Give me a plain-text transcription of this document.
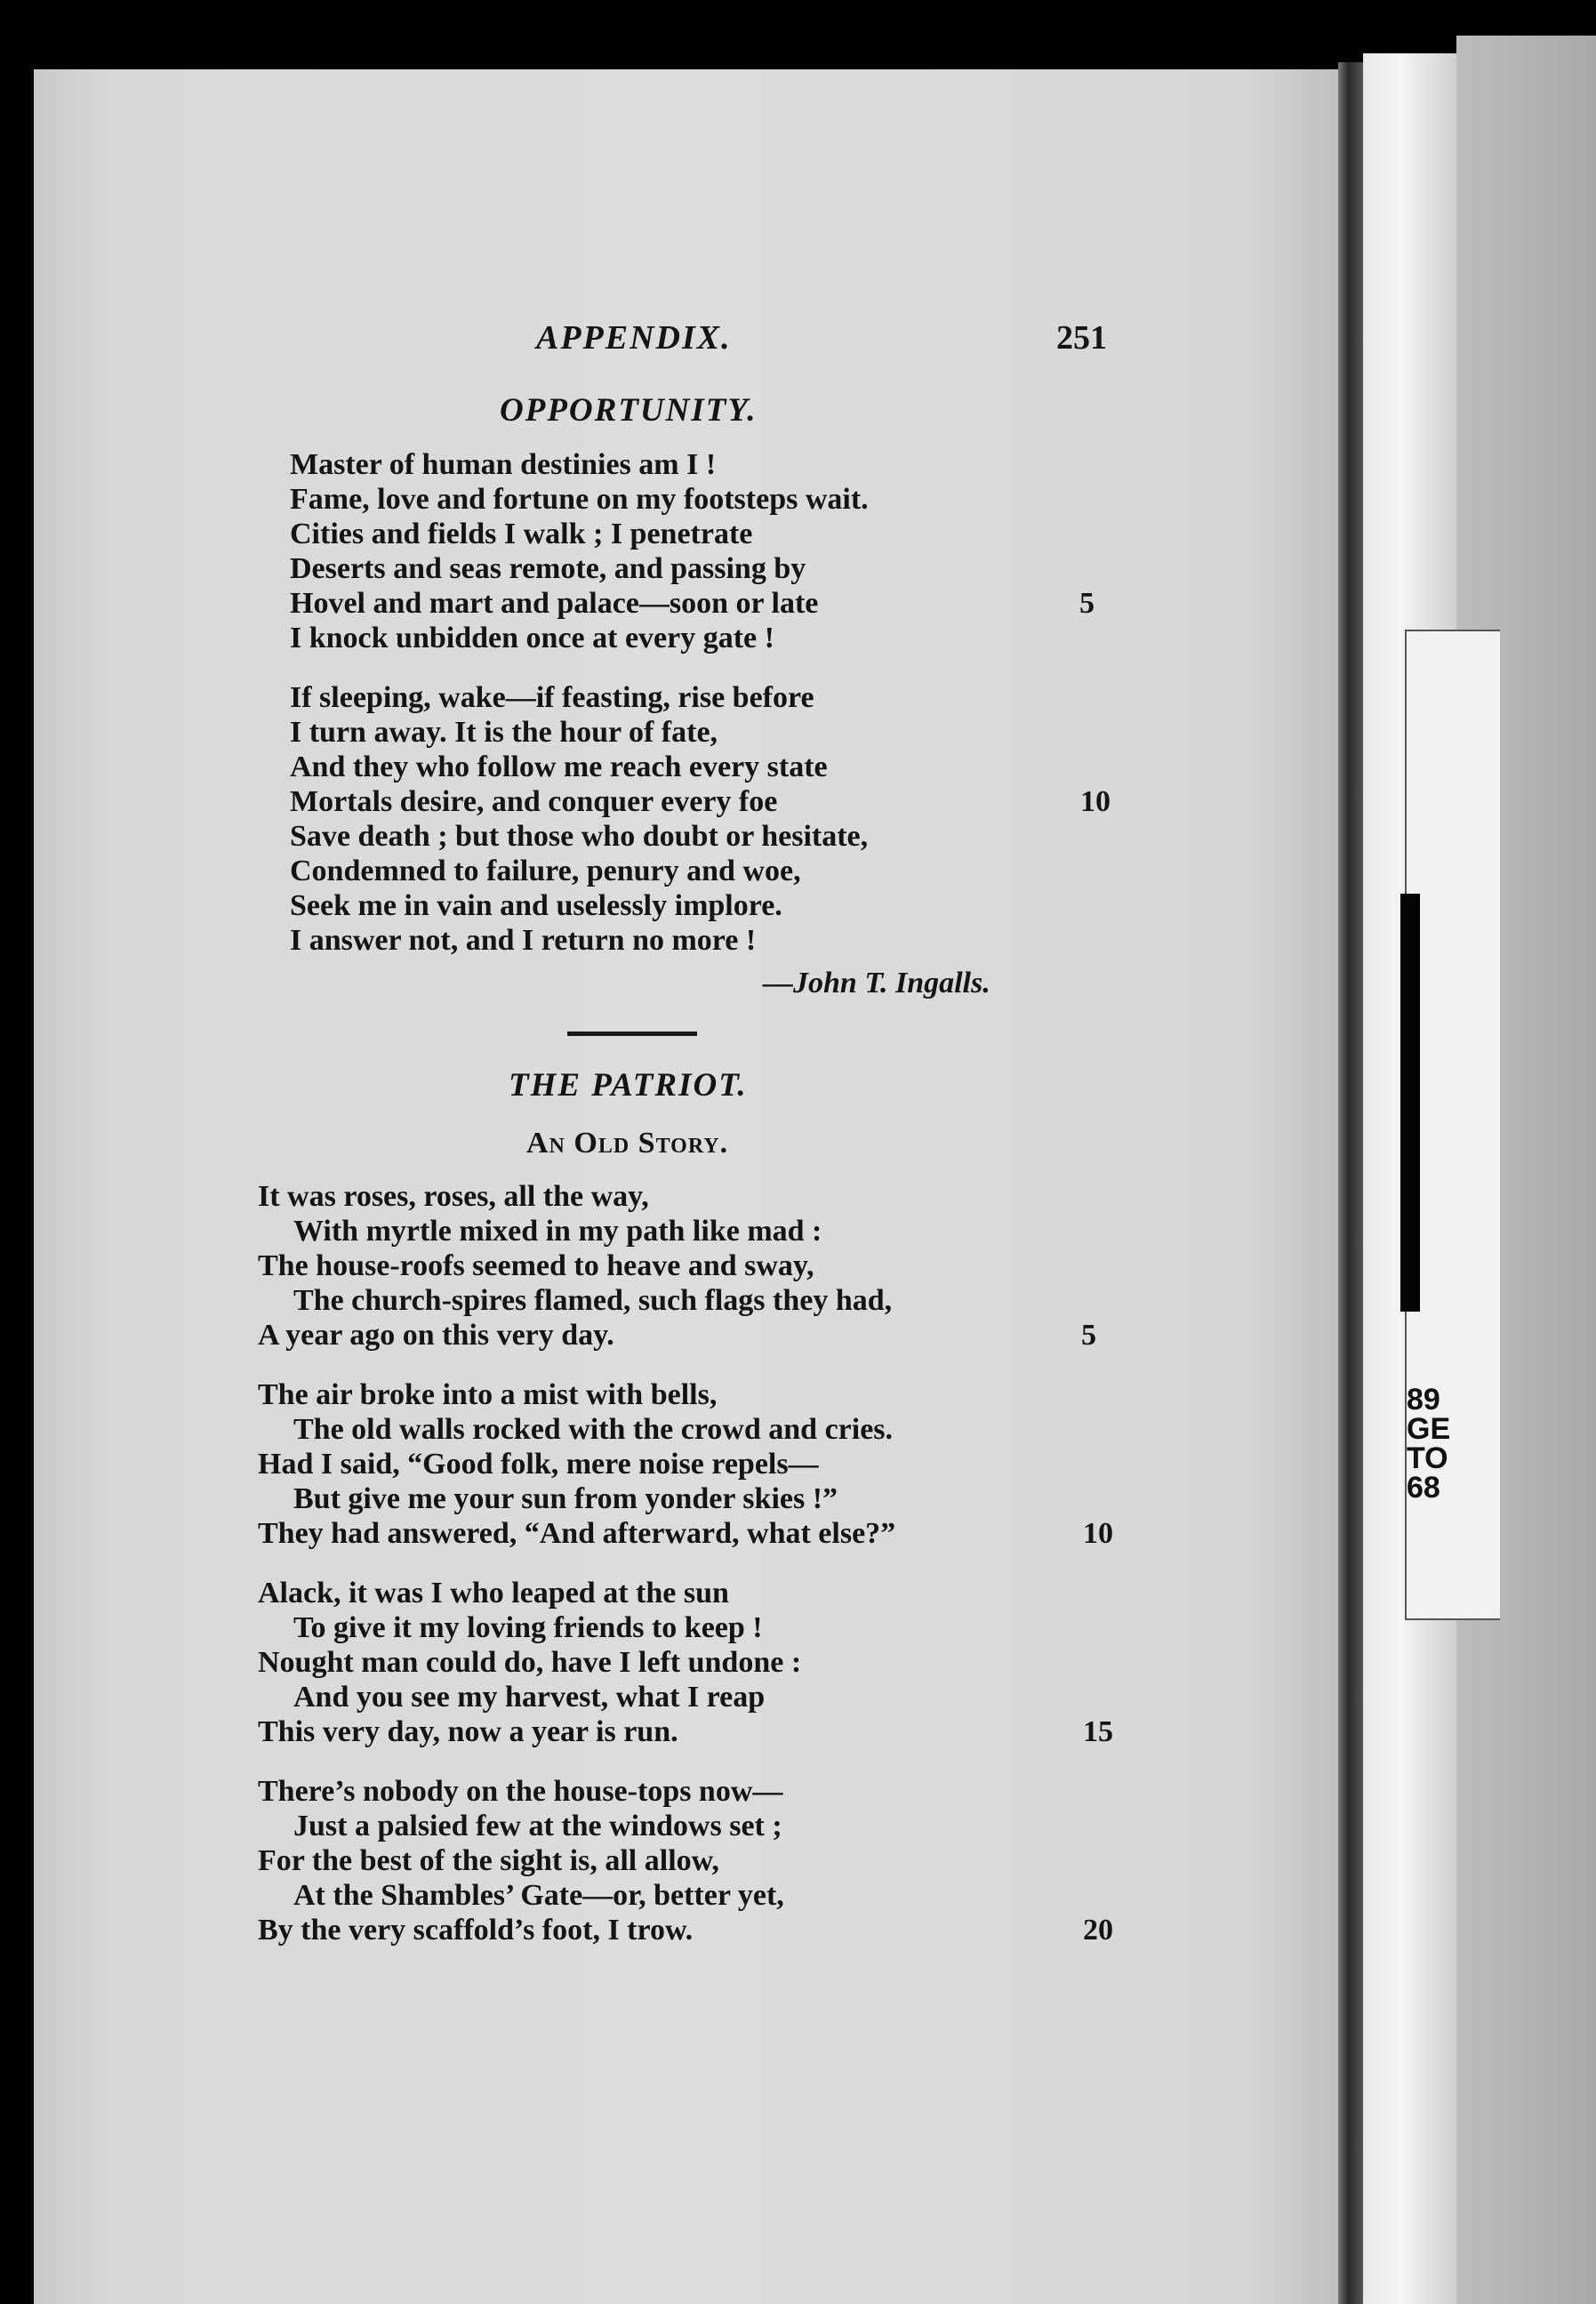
89
GE
TO
68
APPENDIX.	251
OPPORTUNITY.
Master of human destinies am I !
Fame, love and fortune on my footsteps wait.
Cities and fields I walk ; I penetrate
Deserts and seas remote, and passing by
Hovel and mart and palace—soon or late	5
I knock unbidden once at every gate !
If sleeping, wake—if feasting, rise before
I turn away. It is the hour of fate,
And they who follow me reach every state
Mortals desire, and conquer every foe	10
Save death ; but those who doubt or hesitate,
Condemned to failure, penury and woe,
Seek me in vain and uselessly implore.
I answer not, and I return no more !
—John T. Ingalls.
THE PATRIOT.
An Old Story.
It was roses, roses, all the way,
With myrtle mixed in my path like mad :
The house-roofs seemed to heave and sway,
The church-spires flamed, such flags they had,
A year ago on this very day.	5
The air broke into a mist with bells,
The old walls rocked with the crowd and cries.
Had I said, “Good folk, mere noise repels—
But give me your sun from yonder skies !”
They had answered, “And afterward, what else?”	10
Alack, it was I who leaped at the sun
To give it my loving friends to keep !
Nought man could do, have I left undone :
And you see my harvest, what I reap
This very day, now a year is run.	15
There’s nobody on the house-tops now—
Just a palsied few at the windows set ;
For the best of the sight is, all allow,
At the Shambles’ Gate—or, better yet,
By the very scaffold’s foot, I trow.	20
